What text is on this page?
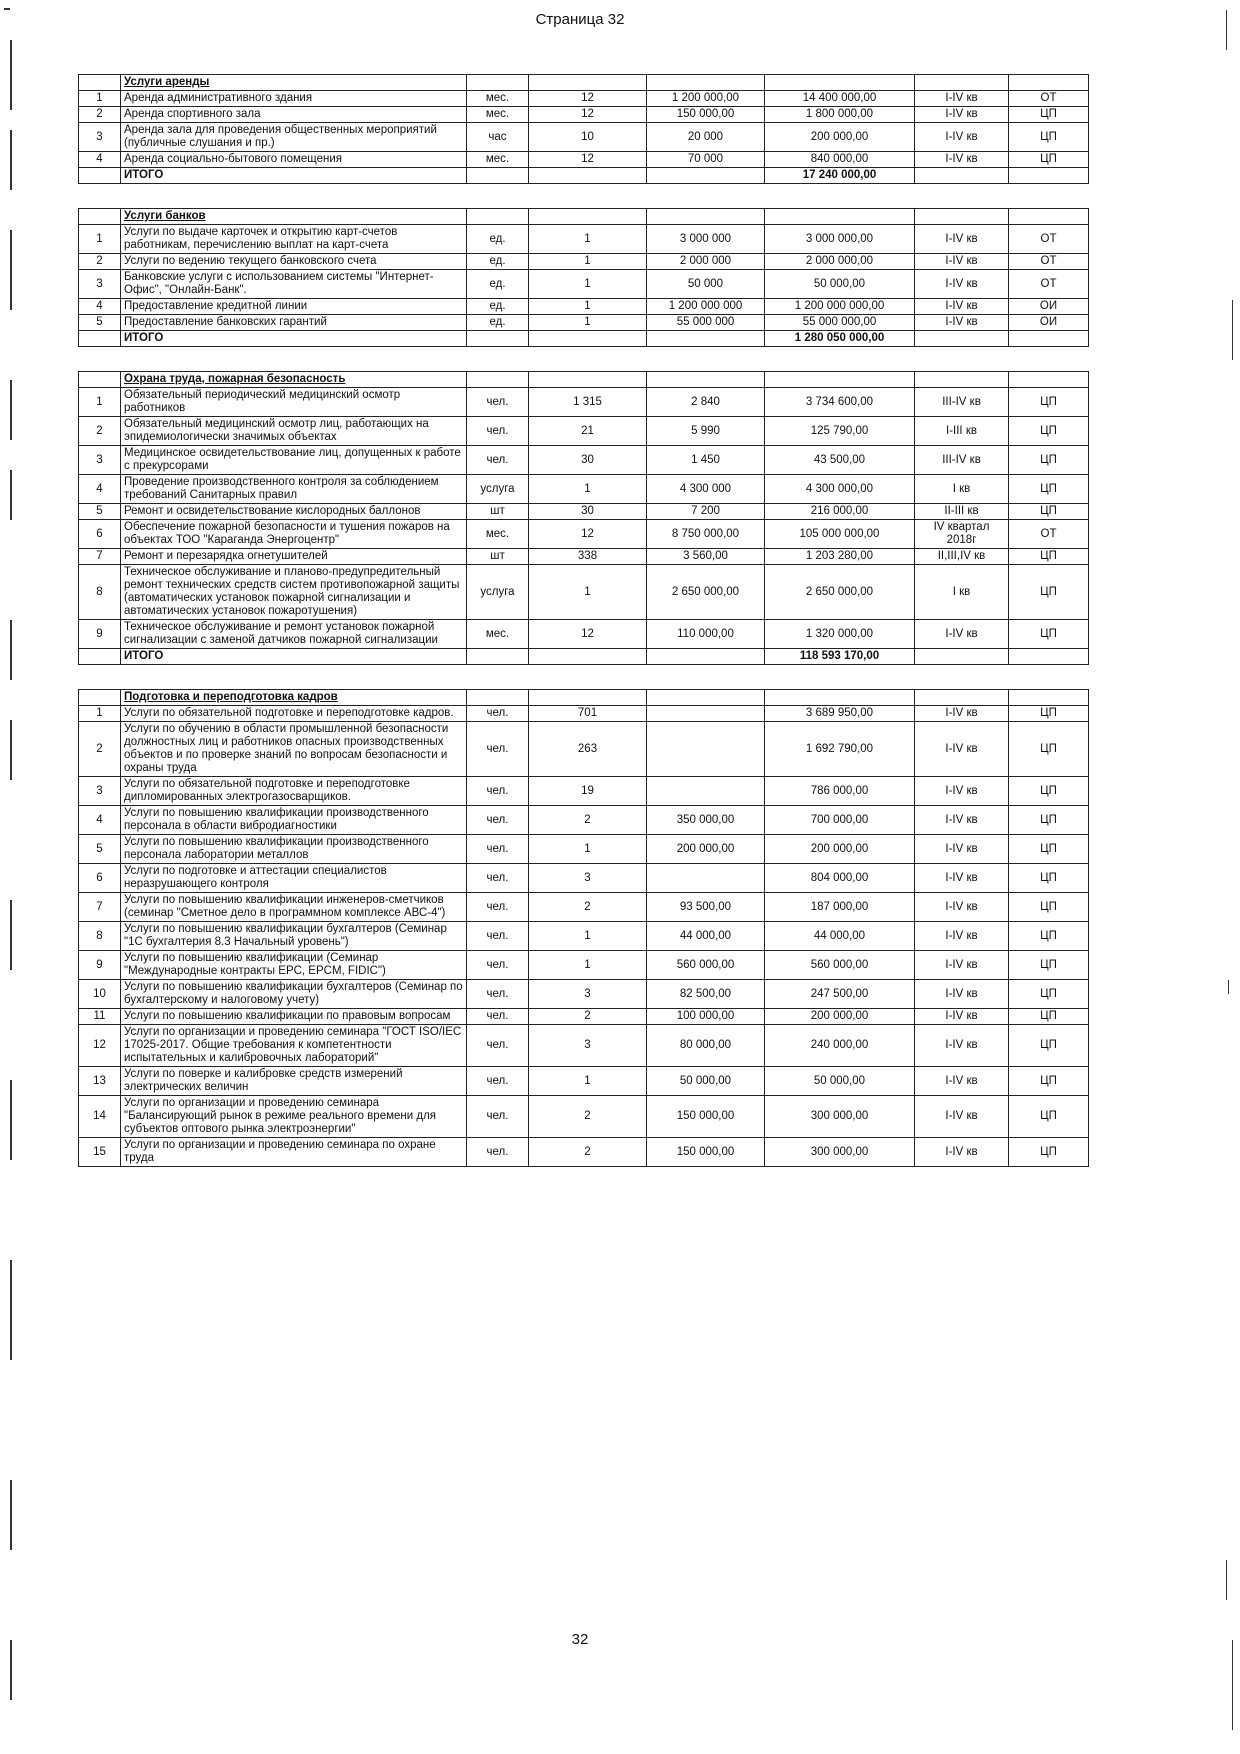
Страница 32
	Услуги аренды						
1	Аренда административного здания	мес.	12	1 200 000,00	14 400 000,00	I-IV кв	ОТ
2	Аренда спортивного зала	мес.	12	150 000,00	1 800 000,00	I-IV кв	ЦП
3	Аренда зала для проведения общественных мероприятий (публичные слушания и пр.)	час	10	20 000	200 000,00	I-IV кв	ЦП
4	Аренда социально-бытового помещения	мес.	12	70 000	840 000,00	I-IV кв	ЦП
	ИТОГО				17 240 000,00		
	Услуги банков						
1	Услуги по выдаче карточек и открытию карт-счетов работникам, перечислению выплат на карт-счета	ед.	1	3 000 000	3 000 000,00	I-IV кв	ОТ
2	Услуги по ведению текущего банковского счета	ед.	1	2 000 000	2 000 000,00	I-IV кв	ОТ
3	Банковские услуги с использованием системы "Интернет-Офис", "Онлайн-Банк".	ед.	1	50 000	50 000,00	I-IV кв	ОТ
4	Предоставление кредитной линии	ед.	1	1 200 000 000	1 200 000 000,00	I-IV кв	ОИ
5	Предоставление банковских гарантий	ед.	1	55 000 000	55 000 000,00	I-IV кв	ОИ
	ИТОГО				1 280 050 000,00		
	Охрана труда, пожарная безопасность						
1	Обязательный периодический медицинский осмотр работников	чел.	1 315	2 840	3 734 600,00	III-IV кв	ЦП
2	Обязательный медицинский осмотр лиц, работающих на эпидемиологически значимых объектах	чел.	21	5 990	125 790,00	I-III кв	ЦП
3	Медицинское освидетельствование лиц, допущенных к работе с прекурсорами	чел.	30	1 450	43 500,00	III-IV кв	ЦП
4	Проведение производственного контроля за соблюдением требований Санитарных правил	услуга	1	4 300 000	4 300 000,00	I кв	ЦП
5	Ремонт и освидетельствование кислородных баллонов	шт	30	7 200	216 000,00	II-III кв	ЦП
6	Обеспечение пожарной безопасности и тушения пожаров на объектах ТОО "Караганда Энергоцентр"	мес.	12	8 750 000,00	105 000 000,00	IV квартал 2018г	ОТ
7	Ремонт и перезарядка огнетушителей	шт	338	3 560,00	1 203 280,00	II,III,IV кв	ЦП
8	Техническое обслуживание и планово-предупредительный ремонт технических средств систем противопожарной защиты (автоматических установок пожарной сигнализации и автоматических установок пожаротушения)	услуга	1	2 650 000,00	2 650 000,00	I кв	ЦП
9	Техническое обслуживание и ремонт установок пожарной сигнализации с заменой датчиков пожарной сигнализации	мес.	12	110 000,00	1 320 000,00	I-IV кв	ЦП
	ИТОГО				118 593 170,00		
	Подготовка и переподготовка кадров						
1	Услуги по обязательной подготовке и переподготовке кадров.	чел.	701		3 689 950,00	I-IV кв	ЦП
2	Услуги по обучению в области промышленной безопасности должностных лиц и работников опасных производственных объектов и по проверке знаний по вопросам безопасности и охраны труда	чел.	263		1 692 790,00	I-IV кв	ЦП
3	Услуги по обязательной подготовке и переподготовке дипломированных электрогазосварщиков.	чел.	19		786 000,00	I-IV кв	ЦП
4	Услуги по повышению квалификации производственного персонала в области вибродиагностики	чел.	2	350 000,00	700 000,00	I-IV кв	ЦП
5	Услуги по повышению квалификации производственного персонала лаборатории металлов	чел.	1	200 000,00	200 000,00	I-IV кв	ЦП
6	Услуги по подготовке и аттестации специалистов неразрушающего контроля	чел.	3		804 000,00	I-IV кв	ЦП
7	Услуги по повышению квалификации инженеров-сметчиков (семинар "Сметное дело в программном комплексе АВС-4")	чел.	2	93 500,00	187 000,00	I-IV кв	ЦП
8	Услуги по повышению квалификации бухгалтеров (Семинар "1С бухгалтерия 8.3 Начальный уровень")	чел.	1	44 000,00	44 000,00	I-IV кв	ЦП
9	Услуги по повышению квалификации (Семинар "Международные контракты EPC, EPCM, FIDIC")	чел.	1	560 000,00	560 000,00	I-IV кв	ЦП
10	Услуги по повышению квалификации бухгалтеров (Семинар по бухгалтерскому и налоговому учету)	чел.	3	82 500,00	247 500,00	I-IV кв	ЦП
11	Услуги по повышению квалификации по правовым вопросам	чел.	2	100 000,00	200 000,00	I-IV кв	ЦП
12	Услуги по организации и проведению семинара "ГОСТ ISO/IEC 17025-2017. Общие требования к компетентности испытательных и калибровочных лабораторий"	чел.	3	80 000,00	240 000,00	I-IV кв	ЦП
13	Услуги по поверке и калибровке средств измерений электрических величин	чел.	1	50 000,00	50 000,00	I-IV кв	ЦП
14	Услуги по организации и проведению семинара "Балансирующий рынок в режиме реального времени для субъектов оптового рынка электроэнергии"	чел.	2	150 000,00	300 000,00	I-IV кв	ЦП
15	Услуги по организации и проведению семинара по охране труда	чел.	2	150 000,00	300 000,00	I-IV кв	ЦП
32
